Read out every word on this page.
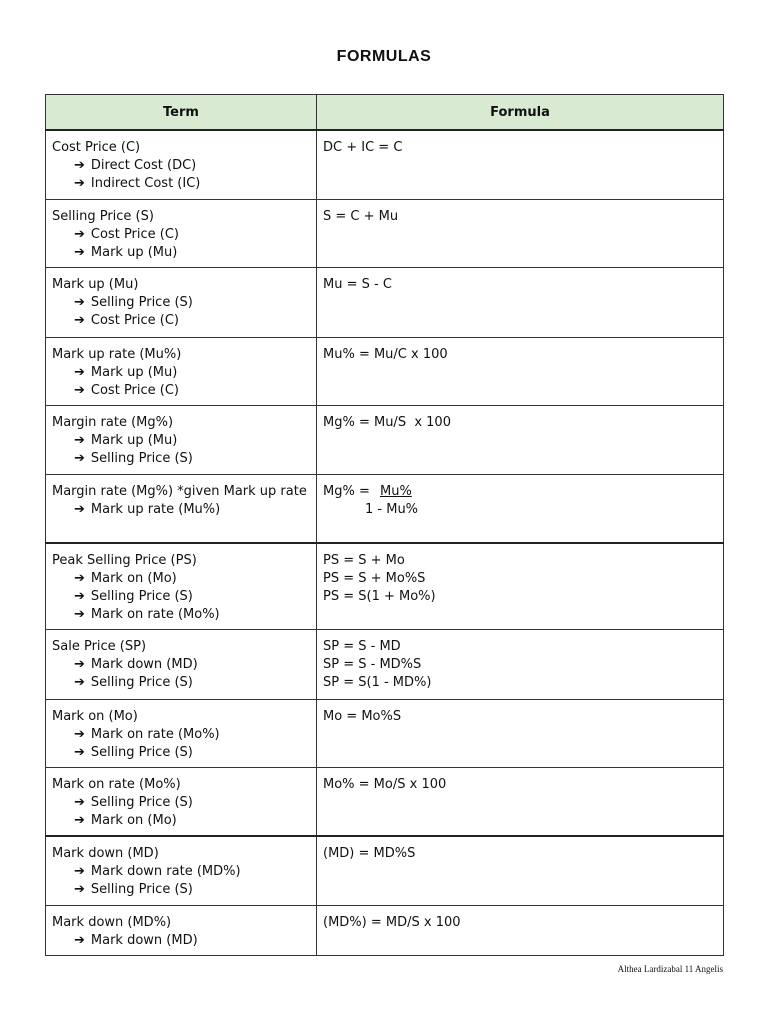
FORMULAS
Term	Formula

Cost Price (C)
➔ Direct Cost (DC)
➔ Indirect Cost (IC)	DC + IC = C

Selling Price (S)
➔ Cost Price (C)
➔ Mark up (Mu)	S = C + Mu

Mark up (Mu)
➔ Selling Price (S)
➔ Cost Price (C)	Mu = S - C

Mark up rate (Mu%)
➔ Mark up (Mu)
➔ Cost Price (C)	Mu% = Mu/C x 100

Margin rate (Mg%)
➔ Mark up (Mu)
➔ Selling Price (S)	Mg% = Mu/S  x 100

Margin rate (Mg%) *given Mark up rate
➔ Mark up rate (Mu%)	Mg% = Mu%
1 - Mu%

Peak Selling Price (PS)
➔ Mark on (Mo)
➔ Selling Price (S)
➔ Mark on rate (Mo%)	PS = S + Mo
PS = S + Mo%S
PS = S(1 + Mo%)

Sale Price (SP)
➔ Mark down (MD)
➔ Selling Price (S)	SP = S - MD
SP = S - MD%S
SP = S(1 - MD%)

Mark on (Mo)
➔ Mark on rate (Mo%)
➔ Selling Price (S)	Mo = Mo%S

Mark on rate (Mo%)
➔ Selling Price (S)
➔ Mark on (Mo)	Mo% = Mo/S x 100

Mark down (MD)
➔ Mark down rate (MD%)
➔ Selling Price (S)	(MD) = MD%S

Mark down (MD%)
➔ Mark down (MD)	(MD%) = MD/S x 100
Althea Lardizabal 11 Angelis
